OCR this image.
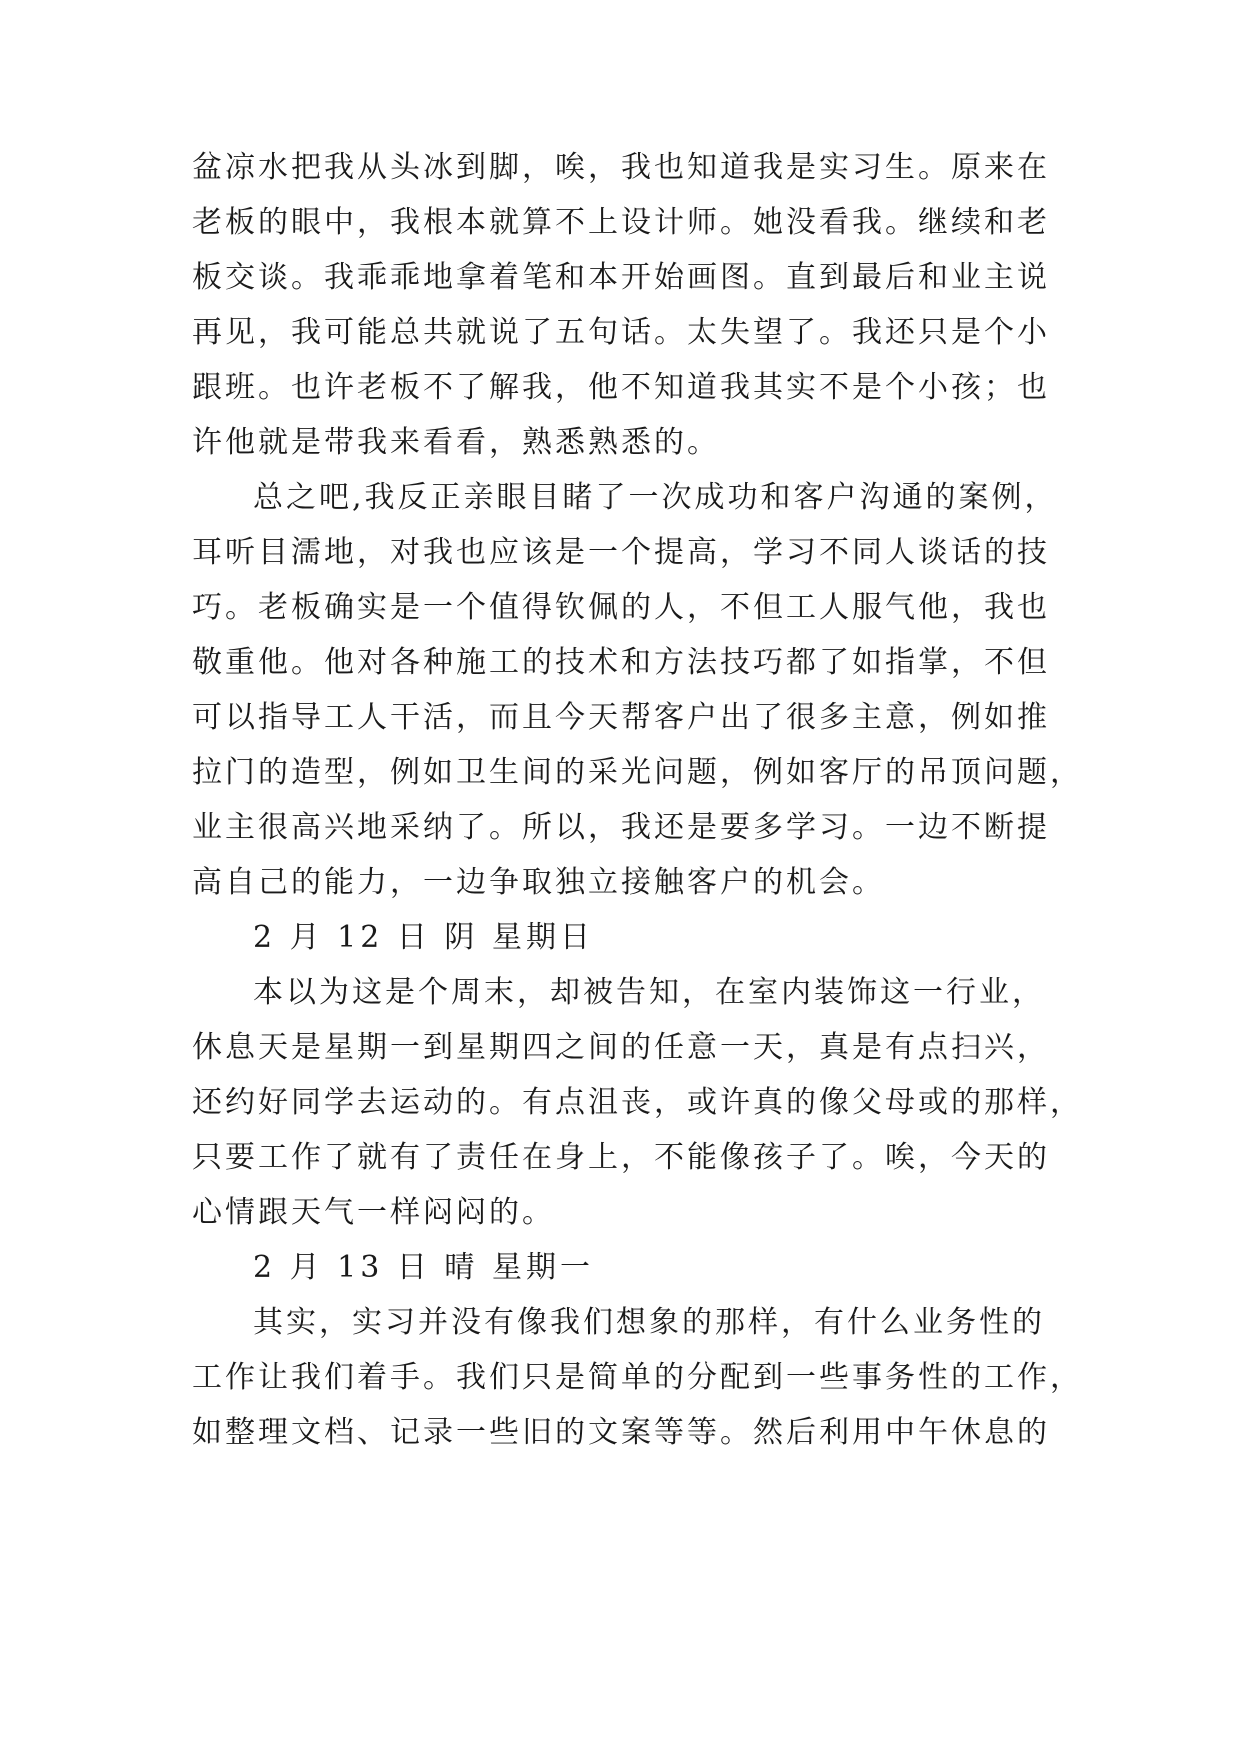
盆凉水把我从头冰到脚，唉，我也知道我是实习生。原来在
老板的眼中，我根本就算不上设计师。她没看我。继续和老
板交谈。我乖乖地拿着笔和本开始画图。直到最后和业主说
再见，我可能总共就说了五句话。太失望了。我还只是个小
跟班。也许老板不了解我，他不知道我其实不是个小孩；也
许他就是带我来看看，熟悉熟悉的。
总之吧,我反正亲眼目睹了一次成功和客户沟通的案例，
耳听目濡地，对我也应该是一个提高，学习不同人谈话的技
巧。老板确实是一个值得钦佩的人，不但工人服气他，我也
敬重他。他对各种施工的技术和方法技巧都了如指掌，不但
可以指导工人干活，而且今天帮客户出了很多主意，例如推
拉门的造型，例如卫生间的采光问题，例如客厅的吊顶问题，
业主很高兴地采纳了。所以，我还是要多学习。一边不断提
高自己的能力，一边争取独立接触客户的机会。
2 月 12 日 阴 星期日
本以为这是个周末，却被告知，在室内装饰这一行业，
休息天是星期一到星期四之间的任意一天，真是有点扫兴，
还约好同学去运动的。有点沮丧，或许真的像父母或的那样，
只要工作了就有了责任在身上，不能像孩子了。唉，今天的
心情跟天气一样闷闷的。
2 月 13 日 晴 星期一
其实，实习并没有像我们想象的那样，有什么业务性的
工作让我们着手。我们只是简单的分配到一些事务性的工作，
如整理文档、记录一些旧的文案等等。然后利用中午休息的
